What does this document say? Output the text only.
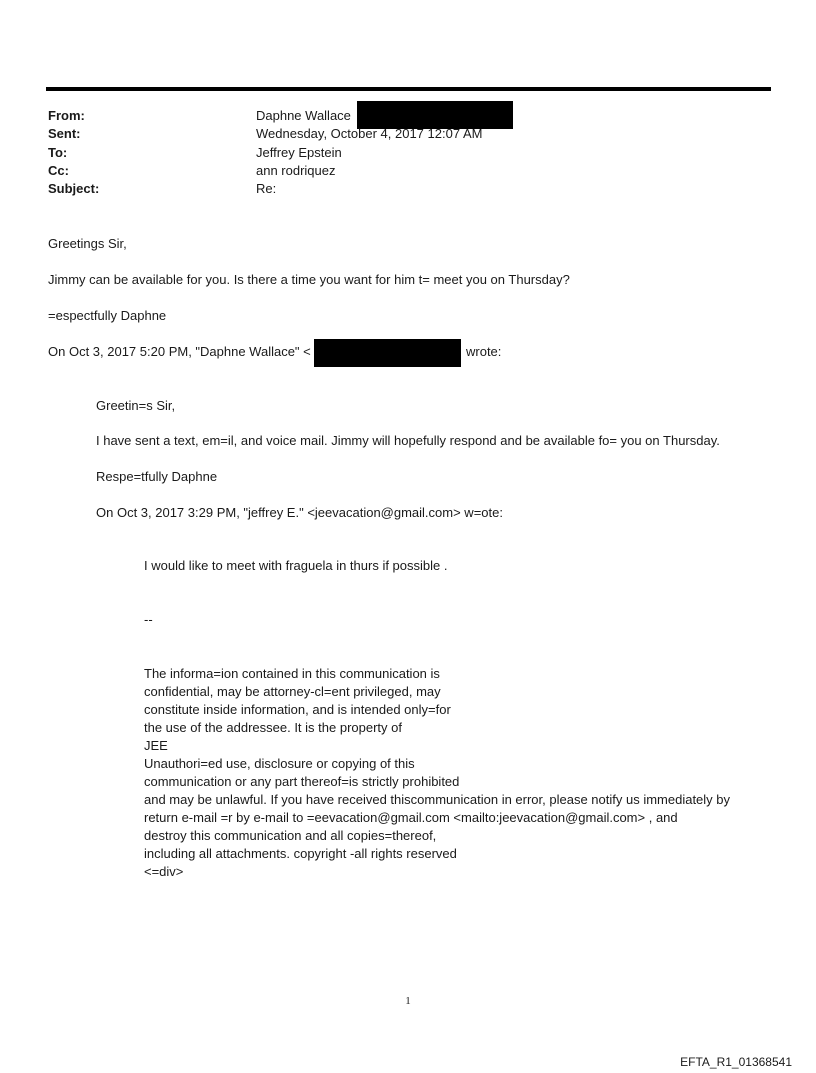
From:	Daphne Wallace
Sent:	Wednesday, October 4, 2017 12:07 AM
To:	Jeffrey Epstein
Cc:	ann rodriquez
Subject:	Re:
Greetings Sir,
Jimmy can be available for you. Is there a time you want for him t= meet you on Thursday?
=espectfully Daphne
On Oct 3, 2017 5:20 PM, "Daphne Wallace" <	wrote:
Greetin=s Sir,
I have sent a text, em=il, and voice mail. Jimmy will hopefully respond and be available fo= you on Thursday.
Respe=tfully Daphne
On Oct 3, 2017 3:29 PM, "jeffrey E." <jeevacation@gmail.com> w=ote:
I would like to meet with fraguela in thurs if possible .
--
The informa=ion contained in this communication is
confidential, may be attorney-cl=ent privileged, may
constitute inside information, and is intended only=for
the use of the addressee. It is the property of
JEE
Unauthori=ed use, disclosure or copying of this
communication or any part thereof=is strictly prohibited
and may be unlawful. If you have received thiscommunication in error, please notify us immediately by
return e-mail =r by e-mail to =eevacation@gmail.com <mailto:jeevacation@gmail.com> , and
destroy this communication and all copies=thereof,
including all attachments. copyright -all rights reserved
<=div>
1
EFTA_R1_01368541
